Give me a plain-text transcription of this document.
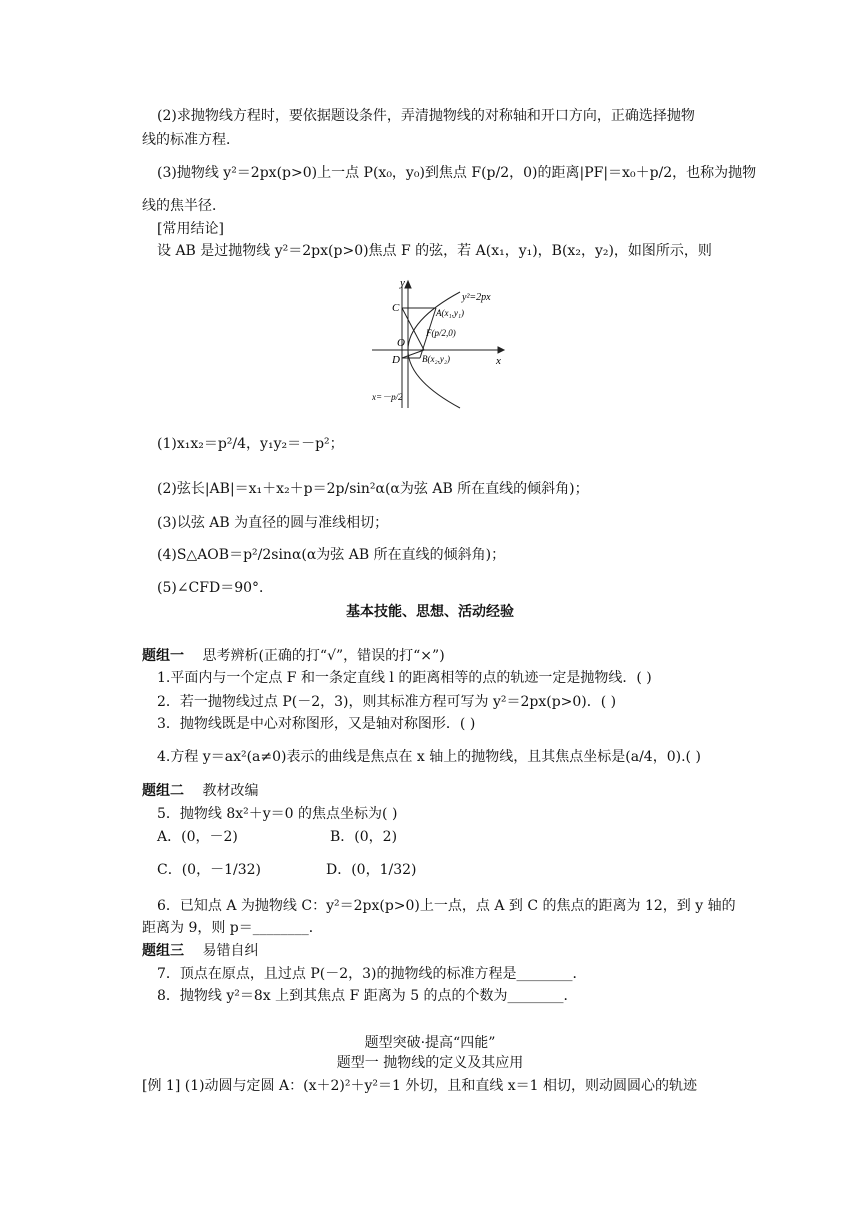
(2)求抛物线方程时，要依据题设条件，弄清抛物线的对称轴和开口方向，正确选择抛物
线的标准方程．
(3)抛物线 y²＝2px(p>0)上一点 P(x₀，y₀)到焦点 F(p/2，0)的距离|PF|＝x₀＋p/2，也称为抛物
线的焦半径．
[常用结论]
设 AB 是过抛物线 y²＝2px(p>0)焦点 F 的弦，若 A(x₁，y₁)，B(x₂，y₂)，如图所示，则
y
x
y²=2px
C
D
O
A(x₁,y₁)
F(p/2,0)
B(x₂,y₂)
x=－p/2
(1)x₁x₂＝p²/4，y₁y₂＝－p²；
(2)弦长|AB|＝x₁＋x₂＋p＝2p/sin²α(α为弦 AB 所在直线的倾斜角)；
(3)以弦 AB 为直径的圆与准线相切；
(4)S△AOB＝p²/2sinα(α为弦 AB 所在直线的倾斜角)；
(5)∠CFD＝90°．
基本技能、思想、活动经验
题组一 思考辨析(正确的打“√”，错误的打“×”)
1.平面内与一个定点 F 和一条定直线 l 的距离相等的点的轨迹一定是抛物线．( )
2．若一抛物线过点 P(－2，3)，则其标准方程可写为 y²＝2px(p>0)．( )
3．抛物线既是中心对称图形，又是轴对称图形．( )
4.方程 y＝ax²(a≠0)表示的曲线是焦点在 x 轴上的抛物线，且其焦点坐标是(a/4，0).( )
题组二 教材改编
5．抛物线 8x²＋y＝0 的焦点坐标为( )
A．(0，－2)	B．(0，2)
C．(0，－1/32)	D．(0，1/32)
6．已知点 A 为抛物线 C：y²＝2px(p>0)上一点，点 A 到 C 的焦点的距离为 12，到 y 轴的
距离为 9，则 p＝________．
题组三 易错自纠
7．顶点在原点，且过点 P(－2，3)的抛物线的标准方程是________．
8．抛物线 y²＝8x 上到其焦点 F 距离为 5 的点的个数为________．
题型突破·提高“四能”
题型一 抛物线的定义及其应用
[例 1] (1)动圆与定圆 A：(x＋2)²＋y²＝1 外切，且和直线 x＝1 相切，则动圆圆心的轨迹
